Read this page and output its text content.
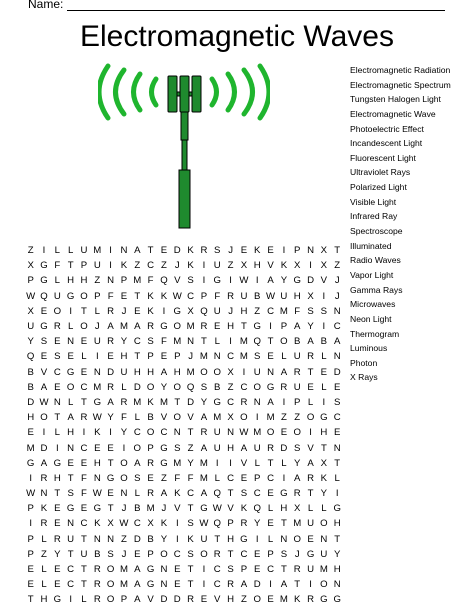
Name:
Electromagnetic Waves
Z I L L U M I N A T E D K R S J E K E I P N X T
X G F T P U I K Z C Z J K I U Z X H V K X I X Z
P G L H H Z N P M F Q V S I G I W I A Y G D V J
W Q U G O P F E T K K W C P F R U B W U H X I J
X E O I T L R J E K I G X Q U J H Z C M F S S N
U G R L O J A M A R G O M R E H T G I P A Y I C
Y S E N E U R Y C S F M N T L I M Q T O B A B A
Q E S E L I E H T P E P J M N C M S E L U R L N
B V C G E N D U H H A H M O O X I U N A R T E D
B A E O C M R L D O Y O Q S B Z C O G R U E L E
D W N L T G A R M K M T D Y G C R N A I P L I S
H O T A R W Y F L B V O V A M X O I M Z Z O G C
E I L H I K I Y C O C N T R U N W M O E O I H E
M D I N C E E I O P G S Z A U H A U R D S V T N
G A G E E H T O A R G M Y M I	I V L T L Y A X T
I R H T F N G O S E Z F F M L C E P C I A R K L
W N T S F W E N L R A K C A Q T S C E G R T Y I
P K E G E G T J B M J V T G W V K Q L H X L L G
I R E N C K X W C X K I S W Q P R Y E T M U O H
P L R U T N N Z D B Y I K U T H G I L N O E N T
P Z Y T U B S J E P O C S O R T C E P S J G U Y
E L E C T R O M A G N E T I C S P E C T R U M H
E L E C T R O M A G N E T I C R A D I A T I O N
T H G I L R O P A V D D R E V H Z O E M K R G G
Electromagnetic Radiation
Electromagnetic Spectrum
Tungsten Halogen Light
Electromagnetic Wave
Photoelectric Effect
Incandescent Light
Fluorescent Light
Ultraviolet Rays
Polarized Light
Visible Light
Infrared Ray
Spectroscope
Illuminated
Radio Waves
Vapor Light
Gamma Rays
Microwaves
Neon Light
Thermogram
Luminous
Photon
X Rays
